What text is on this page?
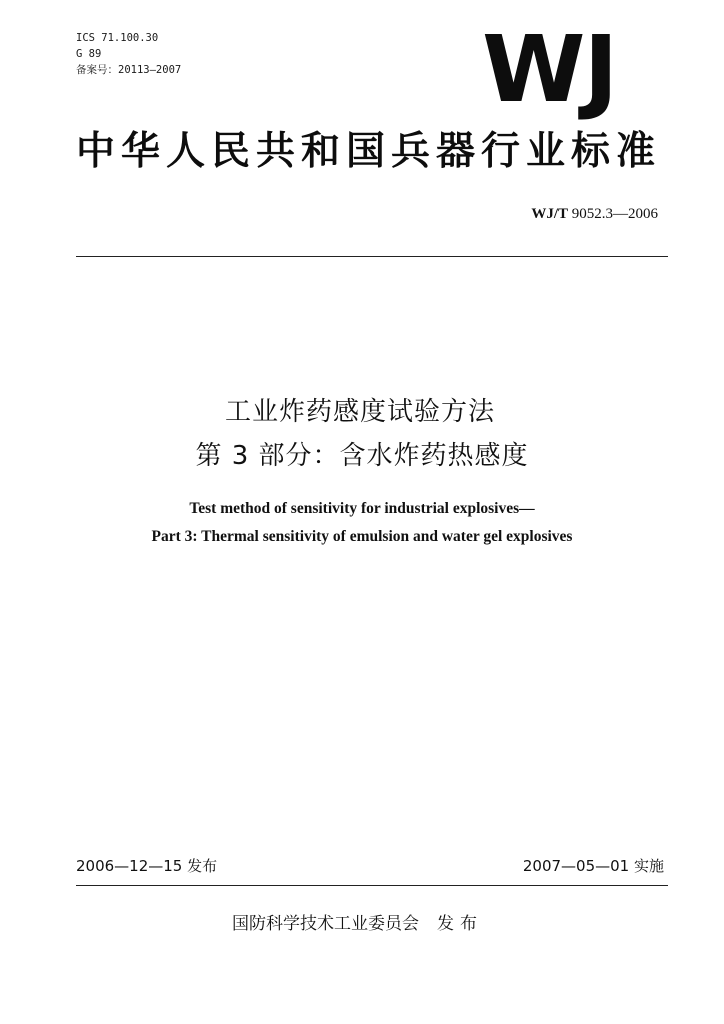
ICS 71.100.30
G 89
备案号：20113—2007	WJ
中华人民共和国兵器行业标准
WJ/T 9052.3—2006
工业炸药感度试验方法
第 3 部分：含水炸药热感度
Test method of sensitivity for industrial explosives—
Part 3: Thermal sensitivity of emulsion and water gel explosives
2006—12—15 发布	2007—05—01 实施
国防科学技术工业委员会 发布
